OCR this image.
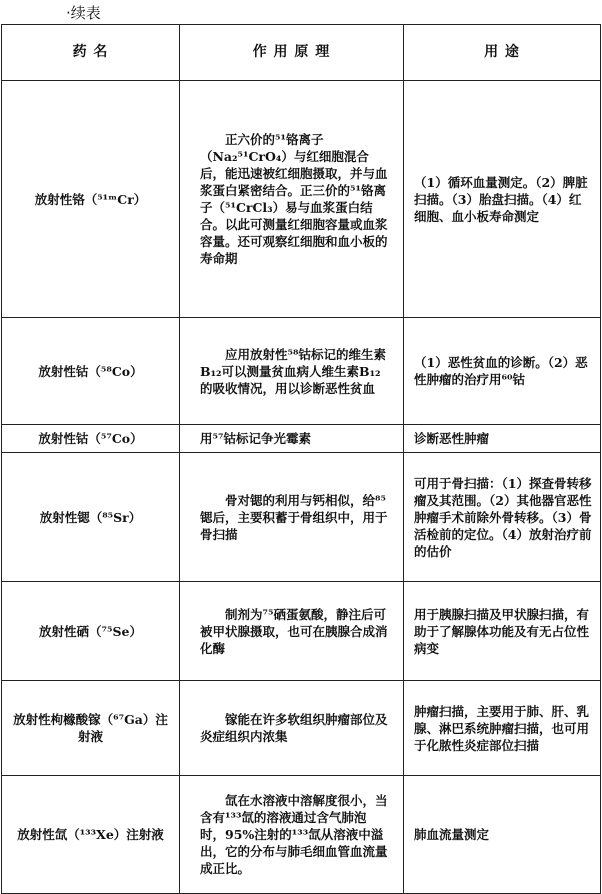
·续表
药 名	作 用 原 理	用 途
放射性铬（⁵¹ᵐCr）	正六价的⁵¹铬离子（Na₂⁵¹CrO₄）与红细胞混合后，能迅速被红细胞摄取，并与血浆蛋白紧密结合。正三价的⁵¹铬离子（⁵¹CrCl₃）易与血浆蛋白结合。以此可测量红细胞容量或血浆容量。还可观察红细胞和血小板的寿命期	（1）循环血量测定。（2）脾脏扫描。（3）胎盘扫描。（4）红细胞、血小板寿命测定
放射性钴（⁵⁸Co）	应用放射性⁵⁸钴标记的维生素B₁₂可以测量贫血病人维生素B₁₂的吸收情况，用以诊断恶性贫血	（1）恶性贫血的诊断。（2）恶性肿瘤的治疗用⁶⁰钴
放射性钴（⁵⁷Co）	用⁵⁷钴标记争光霉素	诊断恶性肿瘤
放射性锶（⁸⁵Sr）	骨对锶的利用与钙相似，给⁸⁵锶后，主要积蓄于骨组织中，用于骨扫描	可用于骨扫描：（1）探查骨转移瘤及其范围。（2）其他器官恶性肿瘤手术前除外骨转移。（3）骨活检前的定位。（4）放射治疗前的估价
放射性硒（⁷⁵Se）	制剂为⁷⁵硒蛋氨酸，静注后可被甲状腺摄取，也可在胰腺合成消化酶	用于胰腺扫描及甲状腺扫描，有助于了解腺体功能及有无占位性病变
放射性枸橼酸镓（⁶⁷Ga）注射液	镓能在许多软组织肿瘤部位及炎症组织内浓集	肿瘤扫描，主要用于肺、肝、乳腺、淋巴系统肿瘤扫描，也可用于化脓性炎症部位扫描
放射性氙（¹³³Xe）注射液	氙在水溶液中溶解度很小，当含有¹³³氙的溶液通过含气肺泡时，95%注射的¹³³氙从溶液中溢出，它的分布与肺毛细血管血流量成正比。	肺血流量测定
